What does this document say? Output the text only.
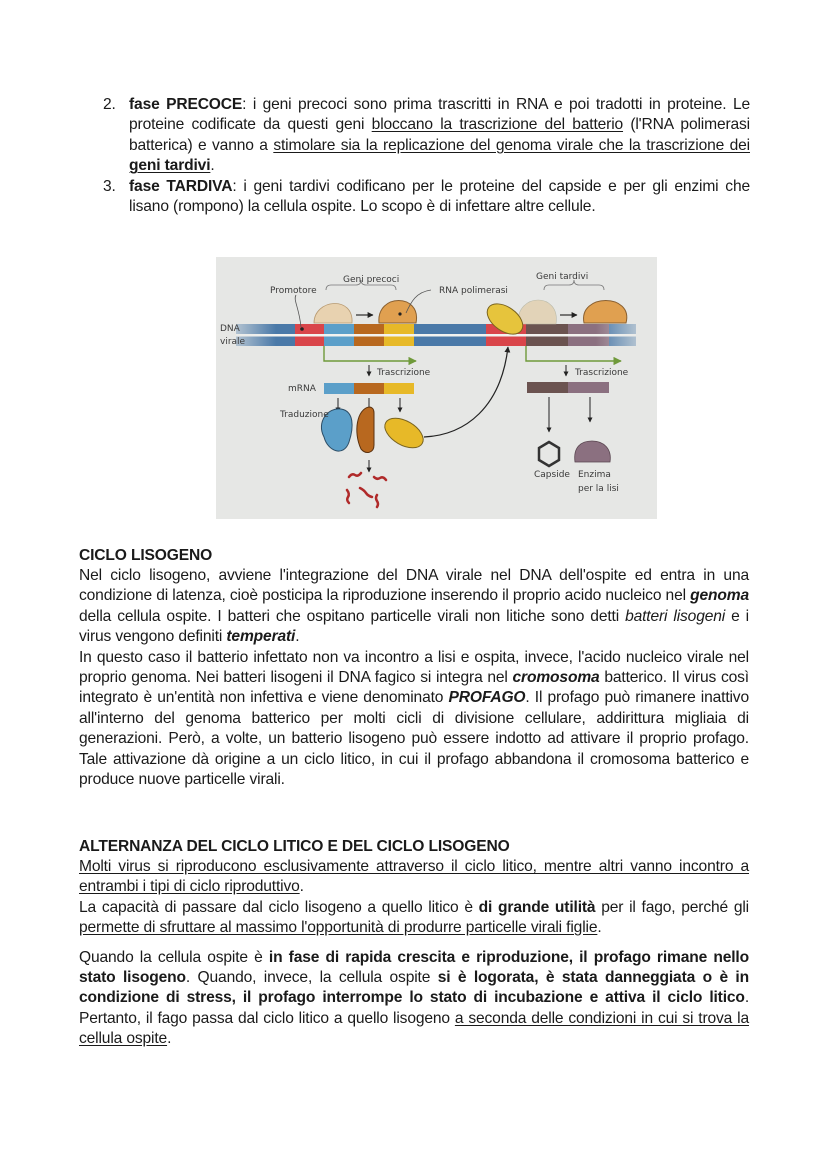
2. fase PRECOCE: i geni precoci sono prima trascritti in RNA e poi tradotti in proteine. Le proteine codificate da questi geni bloccano la trascrizione del batterio (l'RNA polimerasi batterica) e vanno a stimolare sia la replicazione del genoma virale che la trascrizione dei geni tardivi.
3. fase TARDIVA: i geni tardivi codificano per le proteine del capside e per gli enzimi che lisano (rompono) la cellula ospite. Lo scopo è di infettare altre cellule.
Promotore
Geni precoci
RNA polimerasi
Geni tardivi
DNA
virale
Trascrizione	Trascrizione
mRNA
Traduzione
Capside Enzima
per la lisi
CICLO LISOGENO
Nel ciclo lisogeno, avviene l'integrazione del DNA virale nel DNA dell'ospite ed entra in una condizione di latenza, cioè posticipa la riproduzione inserendo il proprio acido nucleico nel genoma della cellula ospite. I batteri che ospitano particelle virali non litiche sono detti batteri lisogeni e i virus vengono definiti temperati.
In questo caso il batterio infettato non va incontro a lisi e ospita, invece, l'acido nucleico virale nel proprio genoma. Nei batteri lisogeni il DNA fagico si integra nel cromosoma batterico. Il virus così integrato è un'entità non infettiva e viene denominato PROFAGO. Il profago può rimanere inattivo all'interno del genoma batterico per molti cicli di divisione cellulare, addirittura migliaia di generazioni. Però, a volte, un batterio lisogeno può essere indotto ad attivare il proprio profago. Tale attivazione dà origine a un ciclo litico, in cui il profago abbandona il cromosoma batterico e produce nuove particelle virali.
ALTERNANZA DEL CICLO LITICO E DEL CICLO LISOGENO
Molti virus si riproducono esclusivamente attraverso il ciclo litico, mentre altri vanno incontro a entrambi i tipi di ciclo riproduttivo.
La capacità di passare dal ciclo lisogeno a quello litico è di grande utilità per il fago, perché gli permette di sfruttare al massimo l'opportunità di produrre particelle virali figlie.
Quando la cellula ospite è in fase di rapida crescita e riproduzione, il profago rimane nello stato lisogeno. Quando, invece, la cellula ospite si è logorata, è stata danneggiata o è in condizione di stress, il profago interrompe lo stato di incubazione e attiva il ciclo litico. Pertanto, il fago passa dal ciclo litico a quello lisogeno a seconda delle condizioni in cui si trova la cellula ospite.
